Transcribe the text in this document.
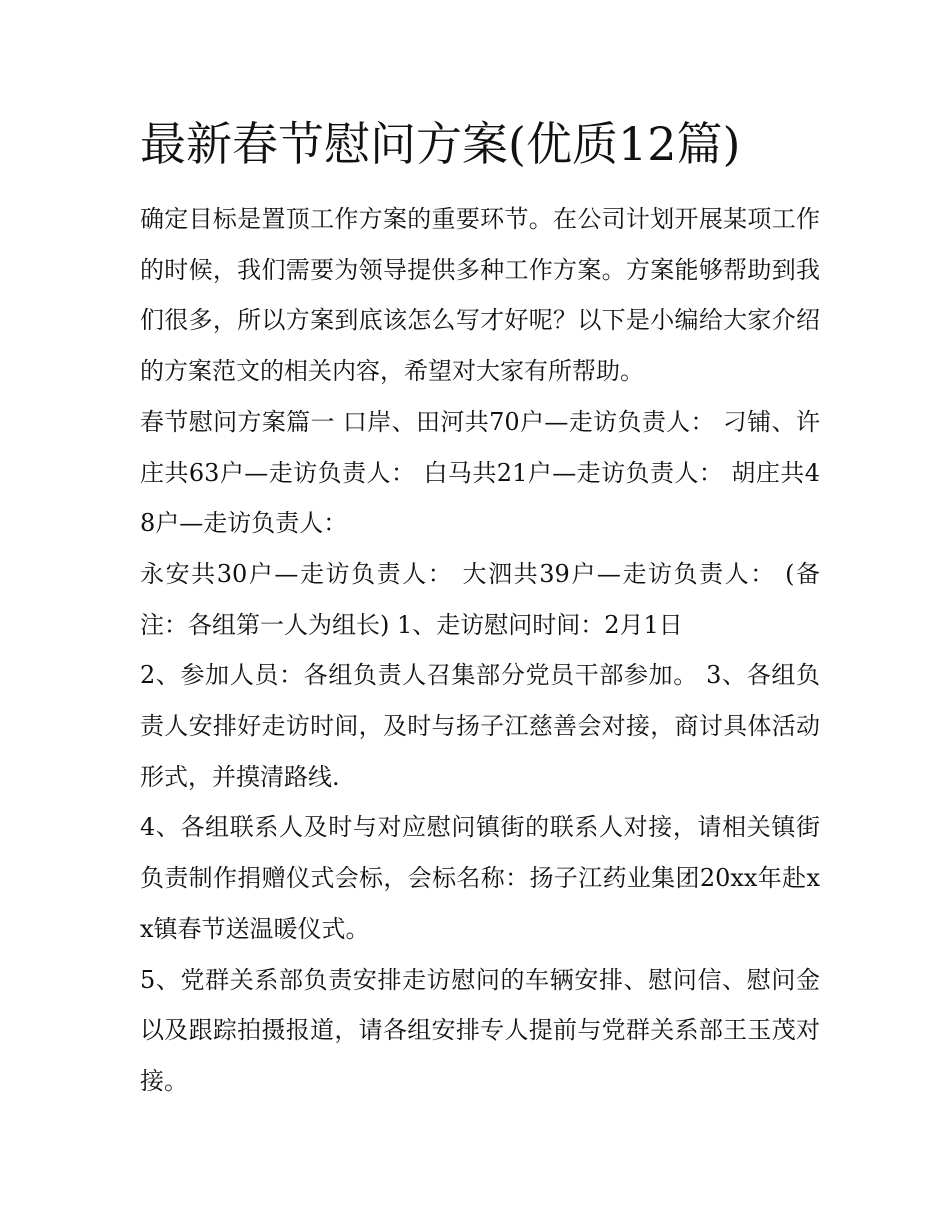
最新春节慰问方案(优质12篇)

确定目标是置顶工作方案的重要环节。在公司计划开展某项工作的时候，我们需要为领导提供多种工作方案。方案能够帮助到我们很多，所以方案到底该怎么写才好呢？以下是小编给大家介绍的方案范文的相关内容，希望对大家有所帮助。

春节慰问方案篇一 口岸、田河共70户—走访负责人： 刁铺、许庄共63户—走访负责人： 白马共21户—走访负责人： 胡庄共48户—走访负责人：

永安共30户—走访负责人： 大泗共39户—走访负责人： (备注：各组第一人为组长) 1、走访慰问时间：2月1日

2、参加人员：各组负责人召集部分党员干部参加。 3、各组负责人安排好走访时间，及时与扬子江慈善会对接，商讨具体活动形式，并摸清路线.

4、各组联系人及时与对应慰问镇街的联系人对接，请相关镇街负责制作捐赠仪式会标，会标名称：扬子江药业集团20xx年赴xx镇春节送温暖仪式。

5、党群关系部负责安排走访慰问的车辆安排、慰问信、慰问金以及跟踪拍摄报道，请各组安排专人提前与党群关系部王玉茂对接。
